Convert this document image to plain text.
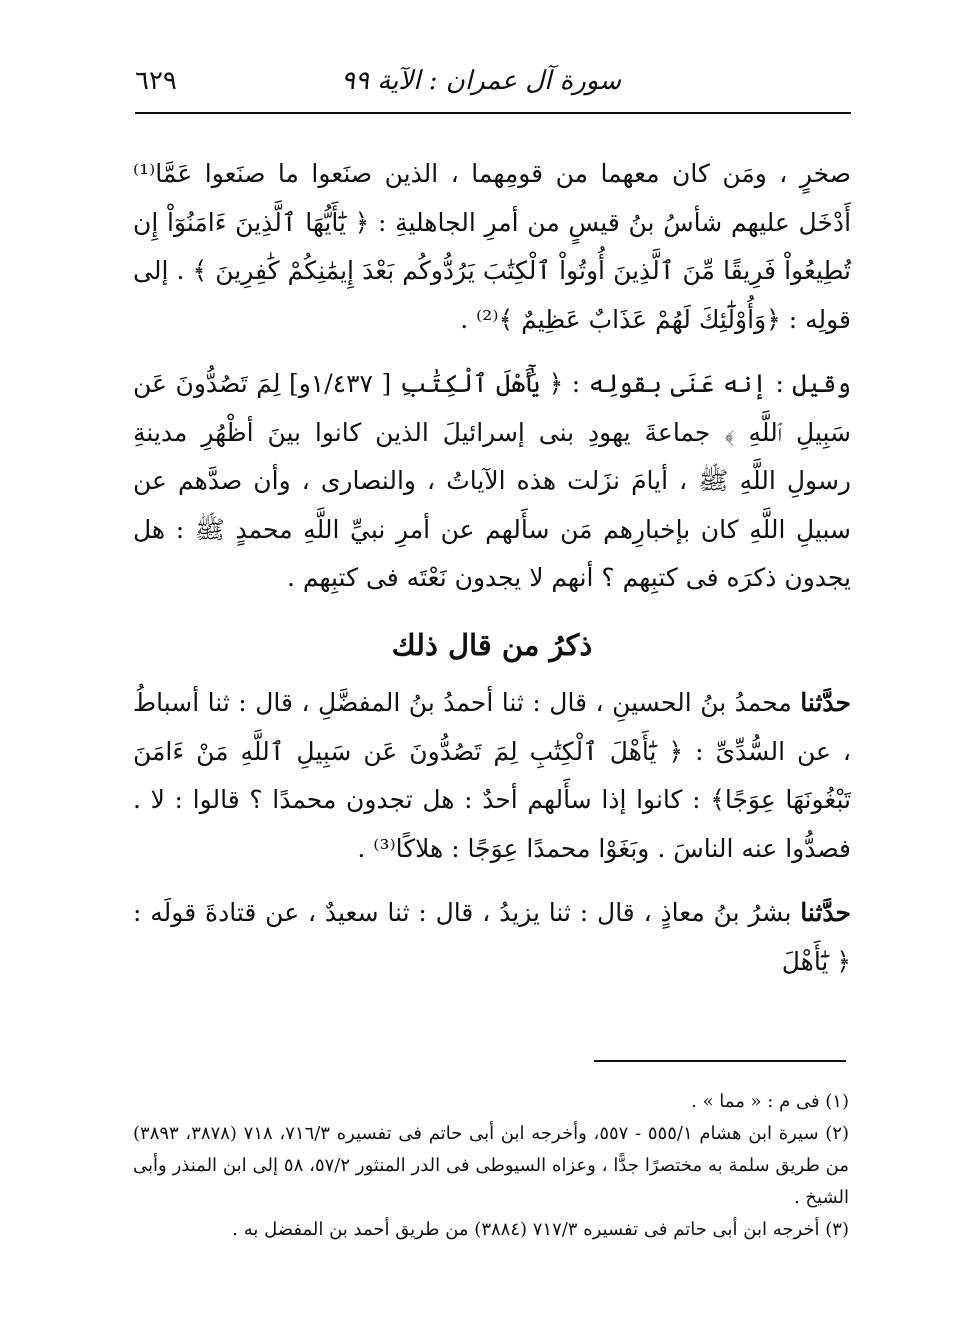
سورة آل عمران : الآية ٩٩
٦٢٩

صخرٍ ، ومَن كان معهما من قومِهما ، الذين صنَعوا ما صنَعوا عَمَّا⁽¹⁾ أَدْخَل عليهم شأسُ بنُ قيسٍ من أمرِ الجاهليةِ : ﴿ يَٰٓأَيُّهَا ٱلَّذِينَ ءَامَنُوٓاْ إِن تُطِيعُواْ فَرِيقًا مِّنَ ٱلَّذِينَ أُوتُواْ ٱلْكِتَٰبَ يَرُدُّوكُم بَعْدَ إِيمَٰنِكُمْ كَٰفِرِينَ ﴾ . إلى قولِه : ﴿وَأُوْلَٰٓئِكَ لَهُمْ عَذَابٌ عَظِيمٌ ﴾⁽²⁾ .

وقيل : إنه عَنَى بقولِه : ﴿ يَٰٓأَهْلَ ٱلْكِتَٰبِ [ ١/٤٣٧و] لِمَ تَصُدُّونَ عَن سَبِيلِ ٱللَّهِ ﴾ جماعةَ يهودِ بنى إسرائيلَ الذين كانوا بينَ أظْهُرِ مدينةِ رسولِ اللَّهِ ﷺ ، أيامَ نزَلت هذه الآياتُ ، والنصارى ، وأن صدَّهم عن سبيلِ اللَّهِ كان بإخبارِهم مَن سأَلهم عن أمرِ نبيِّ اللَّهِ محمدٍ ﷺ : هل يجدون ذكرَه فى كتبِهم ؟ أنهم لا يجدون نَعْتَه فى كتبِهم .

ذكرُ من قال ذلك

حدَّثنا محمدُ بنُ الحسينِ ، قال : ثنا أحمدُ بنُ المفضَّلِ ، قال : ثنا أسباطُ ، عن السُّدِّىِّ : ﴿ يَٰٓأَهْلَ ٱلْكِتَٰبِ لِمَ تَصُدُّونَ عَن سَبِيلِ ٱللَّهِ مَنْ ءَامَنَ تَبْغُونَهَا عِوَجًا﴾ : كانوا إذا سأَلهم أحدٌ : هل تجدون محمدًا ؟ قالوا : لا . فصدُّوا عنه الناسَ . وبَغَوْا محمدًا عِوَجًا : هلاكًا⁽³⁾ .

حدَّثنا بشرُ بنُ معاذٍ ، قال : ثنا يزيدُ ، قال : ثنا سعيدٌ ، عن قتادةَ قولَه : ﴿ يَٰٓأَهْلَ

(١) فى م : « مما » .

(٢) سيرة ابن هشام ٥٥٥/١ - ٥٥٧، وأخرجه ابن أبى حاتم فى تفسيره ٧١٦/٣، ٧١٨ (٣٨٧٨، ٣٨٩٣) من طريق سلمة به مختصرًا جدًّا ، وعزاه السيوطى فى الدر المنثور ٥٧/٢، ٥٨ إلى ابن المنذر وأبى الشيخ .

(٣) أخرجه ابن أبى حاتم فى تفسيره ٧١٧/٣ (٣٨٨٤) من طريق أحمد بن المفضل به .
